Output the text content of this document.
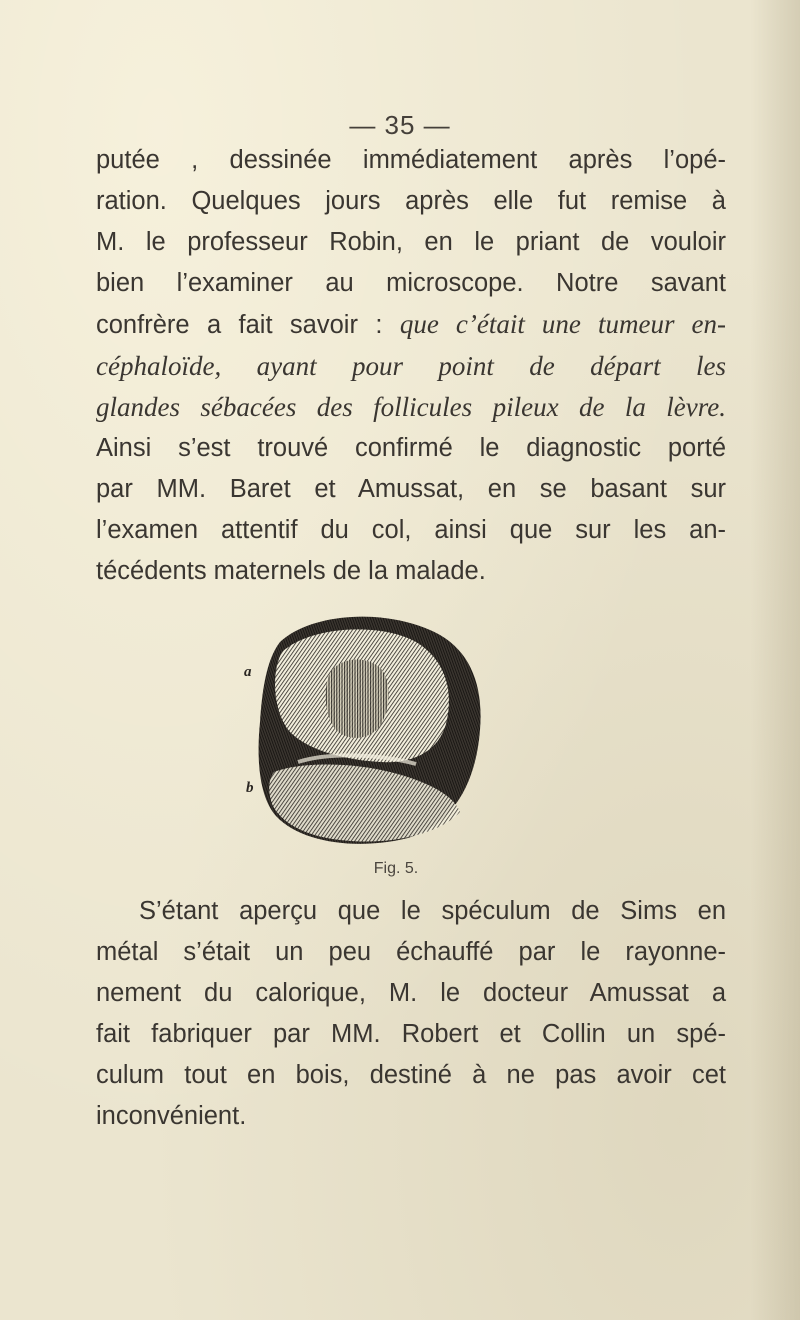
— 35 —
putée , dessinée immédiatement après l’opé-
ration. Quelques jours après elle fut remise à
M. le professeur Robin, en le priant de vouloir
bien l’examiner au microscope. Notre savant
confrère a fait savoir : que c’était une tumeur en-
céphaloïde, ayant pour point de départ les
glandes sébacées des follicules pileux de la lèvre.
Ainsi s’est trouvé confirmé le diagnostic porté
par MM. Baret et Amussat, en se basant sur
l’examen attentif du col, ainsi que sur les an-
técédents maternels de la malade.
a
b
Fig. 5.
S’étant aperçu que le spéculum de Sims en
métal s’était un peu échauffé par le rayonne-
nement du calorique, M. le docteur Amussat a
fait fabriquer par MM. Robert et Collin un spé-
culum tout en bois, destiné à ne pas avoir cet
inconvénient.
